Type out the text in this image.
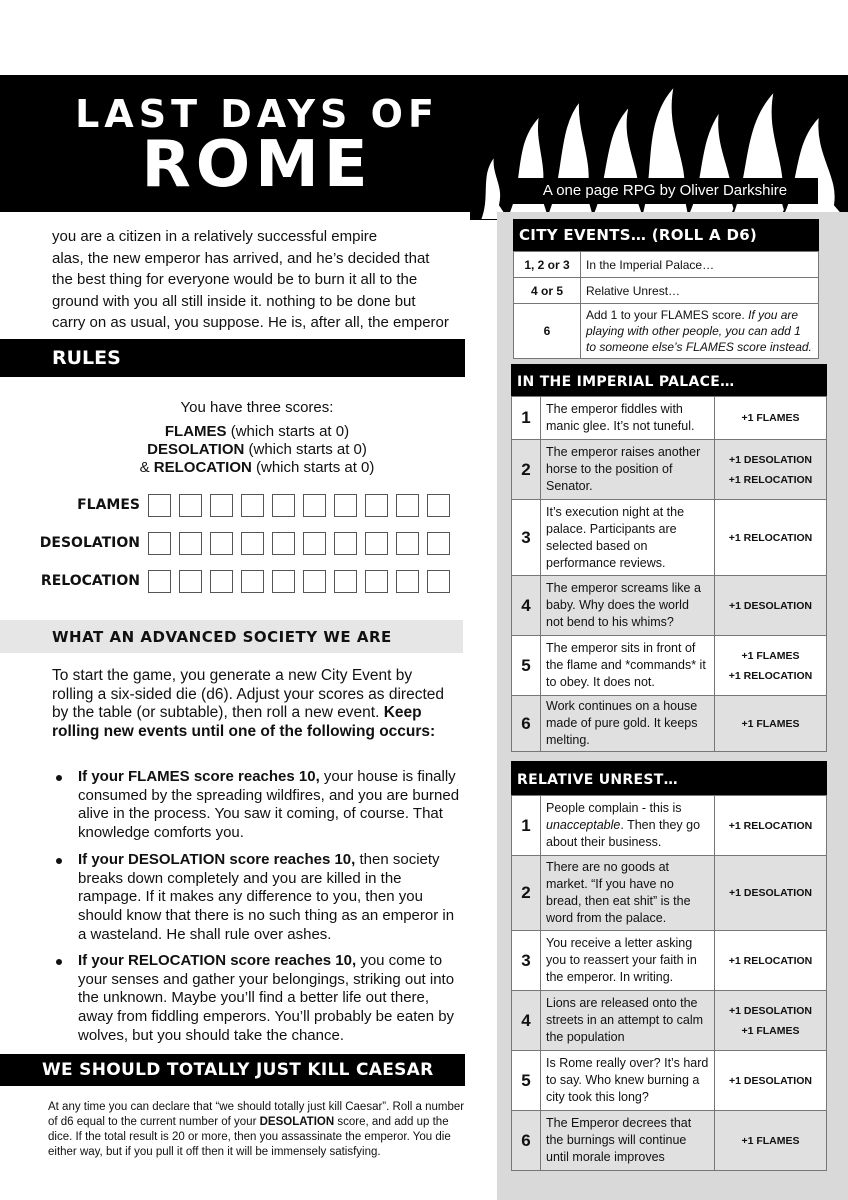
LAST DAYS OF
ROME	A one page RPG by Oliver Darkshire

you are a citizen in a relatively successful empire

alas, the new emperor has arrived, and he’s decided that

the best thing for everyone would be to burn it all to the

ground with you all still inside it. nothing to be done but

carry on as usual, you suppose. He is, after all, the emperor

RULES
You have three scores:
FLAMES (which starts at 0)
DESOLATION (which starts at 0)
& RELOCATION (which starts at 0)
FLAMES
DESOLATION
RELOCATION
WHAT AN ADVANCED SOCIETY WE ARE
To start the game, you generate a new City Event by rolling a six-sided die (d6). Adjust your scores as directed by the table (or subtable), then roll a new event. Keep rolling new events until one of the following occurs:
If your FLAMES score reaches 10, your house is finally consumed by the spreading wildfires, and you are burned alive in the process. You saw it coming, of course. That knowledge comforts you.
If your DESOLATION score reaches 10, then society breaks down completely and you are killed in the rampage. If it makes any difference to you, then you should know that there is no such thing as an emperor in a wasteland. He shall rule over ashes.
If your RELOCATION score reaches 10, you come to your senses and gather your belongings, striking out into the unknown. Maybe you’ll find a better life out there, away from fiddling emperors. You’ll probably be eaten by wolves, but you should take the chance.
WE SHOULD TOTALLY JUST KILL CAESAR
At any time you can declare that “we should totally just kill Caesar”. Roll a number of d6 equal to the current number of your DESOLATION score, and add up the dice. If the total result is 20 or more, then you assassinate the emperor. You die either way, but if you pull it off then it will be immensely satisfying.
CITY EVENTS… (ROLL A D6)
1, 2 or 3	In the Imperial Palace…
4 or 5	Relative Unrest…
6	Add 1 to your FLAMES score. If you are playing with other people, you can add 1 to someone else’s FLAMES score instead.
IN THE IMPERIAL PALACE…
1	The emperor fiddles with manic glee. It’s not tuneful.	+1 FLAMES

2	The emperor raises another horse to the position of Senator.	+1 DESOLATION
+1 RELOCATION

3	It’s execution night at the palace. Participants are selected based on performance reviews.	+1 RELOCATION

4	The emperor screams like a baby. Why does the world not bend to his whims?	+1 DESOLATION

5	The emperor sits in front of the flame and *commands* it to obey. It does not.	+1 FLAMES
+1 RELOCATION

6	Work continues on a house made of pure gold. It keeps melting.	+1 FLAMES
RELATIVE UNREST…
1	People complain - this is unacceptable. Then they go about their business.	+1 RELOCATION

2	There are no goods at market. “If you have no bread, then eat shit” is the word from the palace.	+1 DESOLATION

3	You receive a letter asking you to reassert your faith in the emperor. In writing.	+1 RELOCATION

4	Lions are released onto the streets in an attempt to calm the population	+1 DESOLATION
+1 FLAMES

5	Is Rome really over? It’s hard to say. Who knew burning a city took this long?	+1 DESOLATION

6	The Emperor decrees that the burnings will continue until morale improves	+1 FLAMES
